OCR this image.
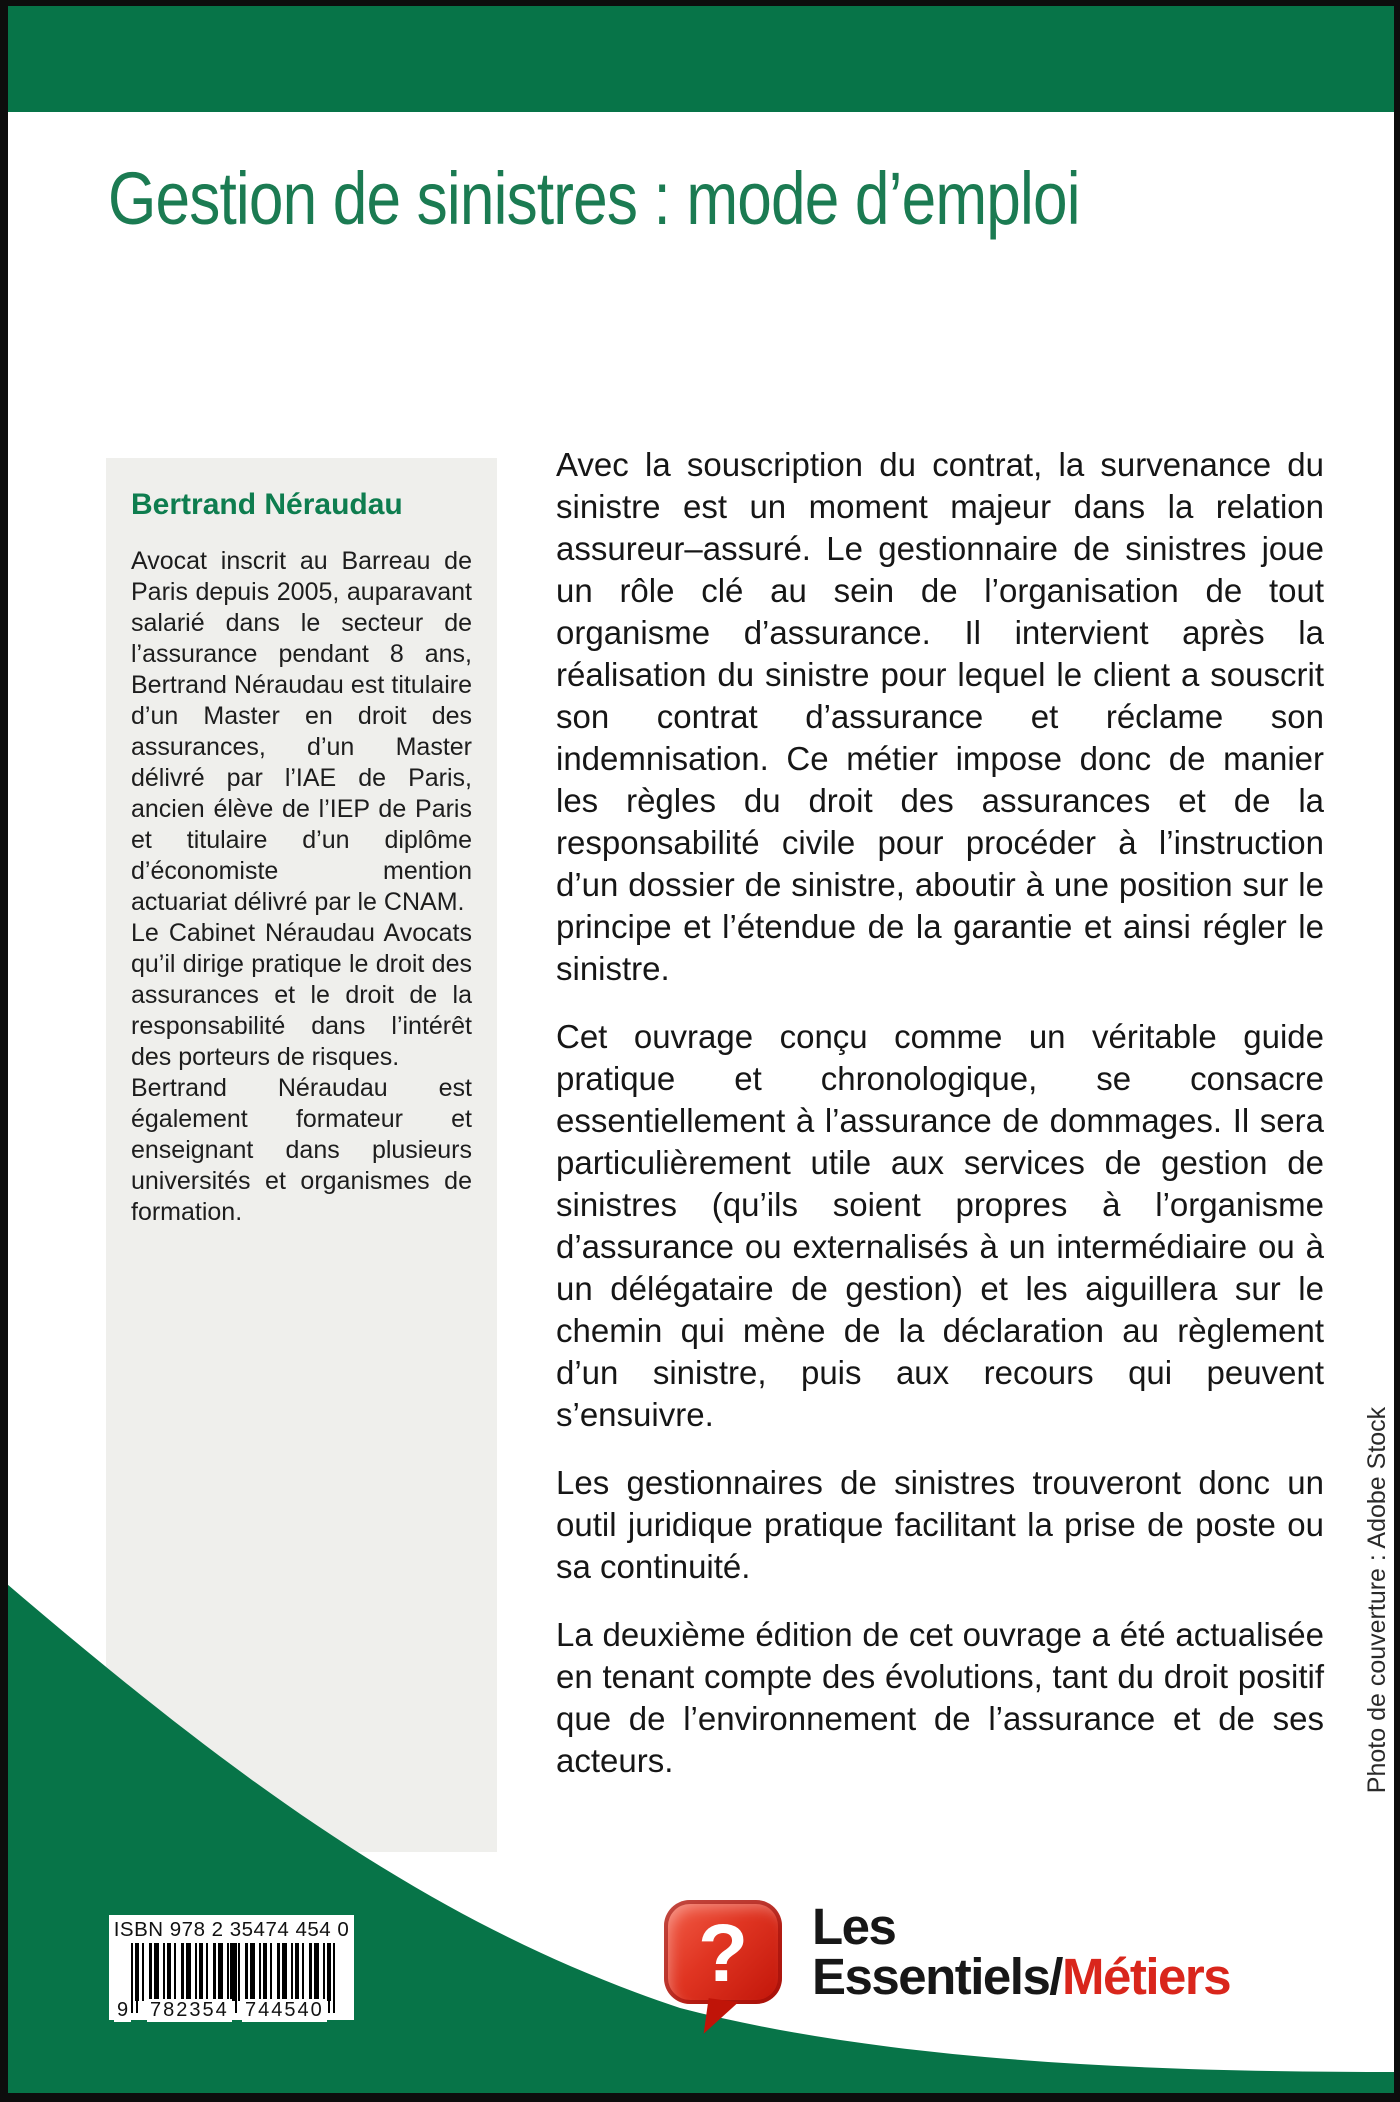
Gestion de sinistres : mode d’emploi
Bertrand Néraudau

Avocat inscrit au Barreau de Paris depuis 2005, auparavant salarié dans le secteur de l’assurance pendant 8 ans, Bertrand Néraudau est titulaire d’un Master en droit des assurances, d’un Master délivré par l’IAE de Paris, ancien élève de l’IEP de Paris et titulaire d’un diplôme d’économiste mention actuariat délivré par le CNAM.

Le Cabinet Néraudau Avocats qu’il dirige pratique le droit des assurances et le droit de la responsabilité dans l’intérêt des porteurs de risques.

Bertrand Néraudau est également formateur et enseignant dans plusieurs universités et organismes de formation.

Avec la souscription du contrat, la survenance du sinistre est un moment majeur dans la relation assureur–assuré. Le gestionnaire de sinistres joue un rôle clé au sein de l’organisation de tout organisme d’assurance. Il intervient après la réalisation du sinistre pour lequel le client a souscrit son contrat d’assurance et réclame son indemnisation. Ce métier impose donc de manier les règles du droit des assurances et de la responsabilité civile pour procéder à l’instruction d’un dossier de sinistre, aboutir à une position sur le principe et l’étendue de la garantie et ainsi régler le sinistre.

Cet ouvrage conçu comme un véritable guide pratique et chronologique, se consacre essentiellement à l’assurance de dommages. Il sera particulièrement utile aux services de gestion de sinistres (qu’ils soient propres à l’organisme d’assurance ou externalisés à un intermédiaire ou à un délégataire de gestion) et les aiguillera sur le chemin qui mène de la déclaration au règlement d’un sinistre, puis aux recours qui peuvent s’ensuivre.

Les gestionnaires de sinistres trouveront donc un outil juridique pratique facilitant la prise de poste ou sa continuité.

La deuxième édition de cet ouvrage a été actualisée en tenant compte des évolutions, tant du droit positif que de l’environnement de l’assurance et de ses acteurs.	Photo de couverture : Adobe Stock
ISBN 978 2 35474 454 0
9 782354 744540
?	Les
Essentiels/Métiers
